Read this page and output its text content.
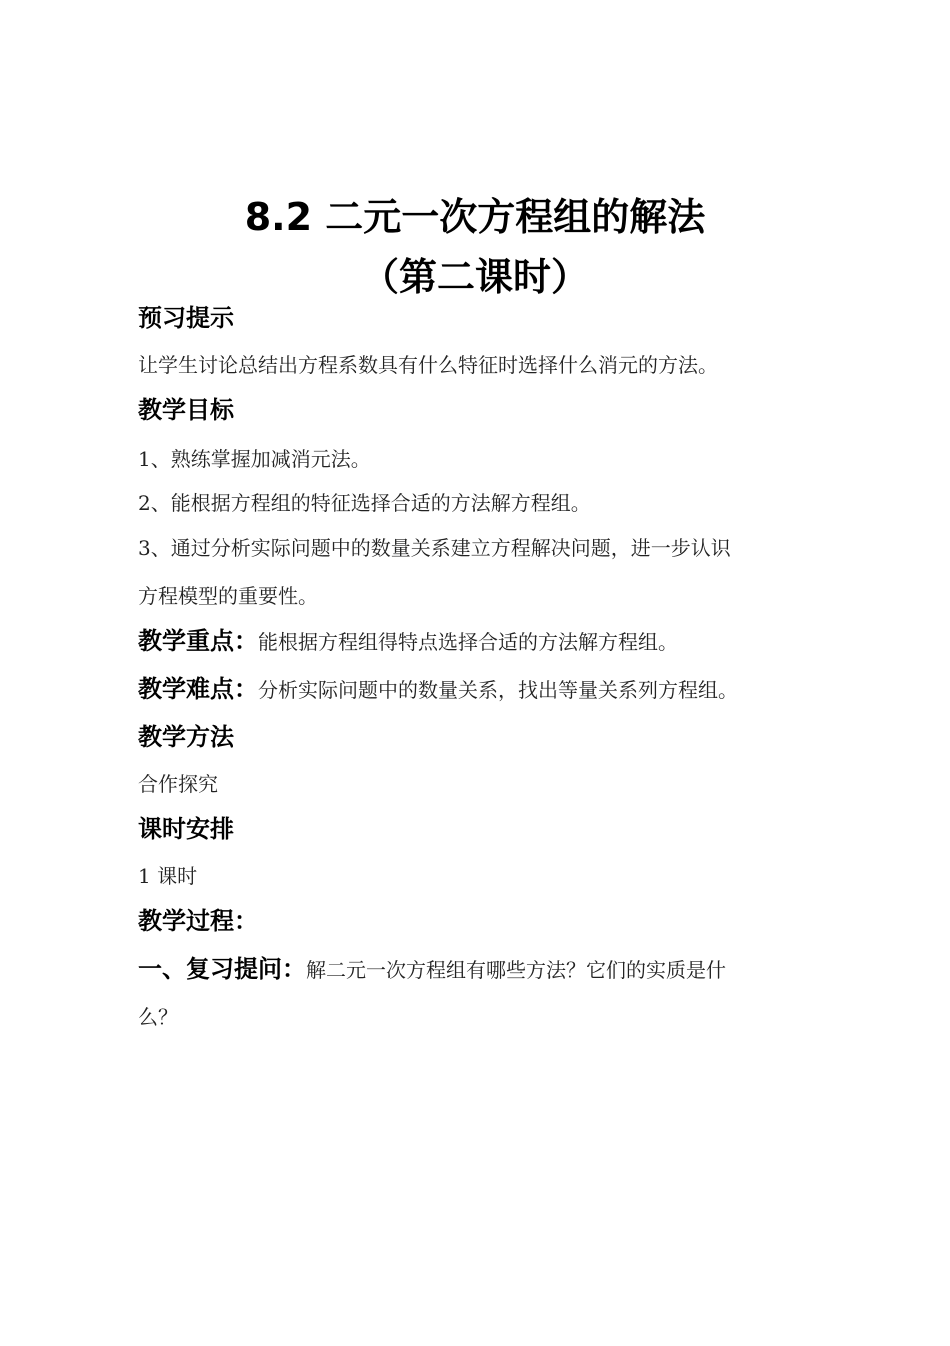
8.2 二元一次方程组的解法
（第二课时）
预习提示
让学生讨论总结出方程系数具有什么特征时选择什么消元的方法。
教学目标
1、熟练掌握加减消元法。
2、能根据方程组的特征选择合适的方法解方程组。
3、通过分析实际问题中的数量关系建立方程解决问题，进一步认识
方程模型的重要性。
教学重点：能根据方程组得特点选择合适的方法解方程组。
教学难点：分析实际问题中的数量关系，找出等量关系列方程组。
教学方法
合作探究
课时安排
1 课时
教学过程：
一、复习提问：解二元一次方程组有哪些方法？它们的实质是什
么？
